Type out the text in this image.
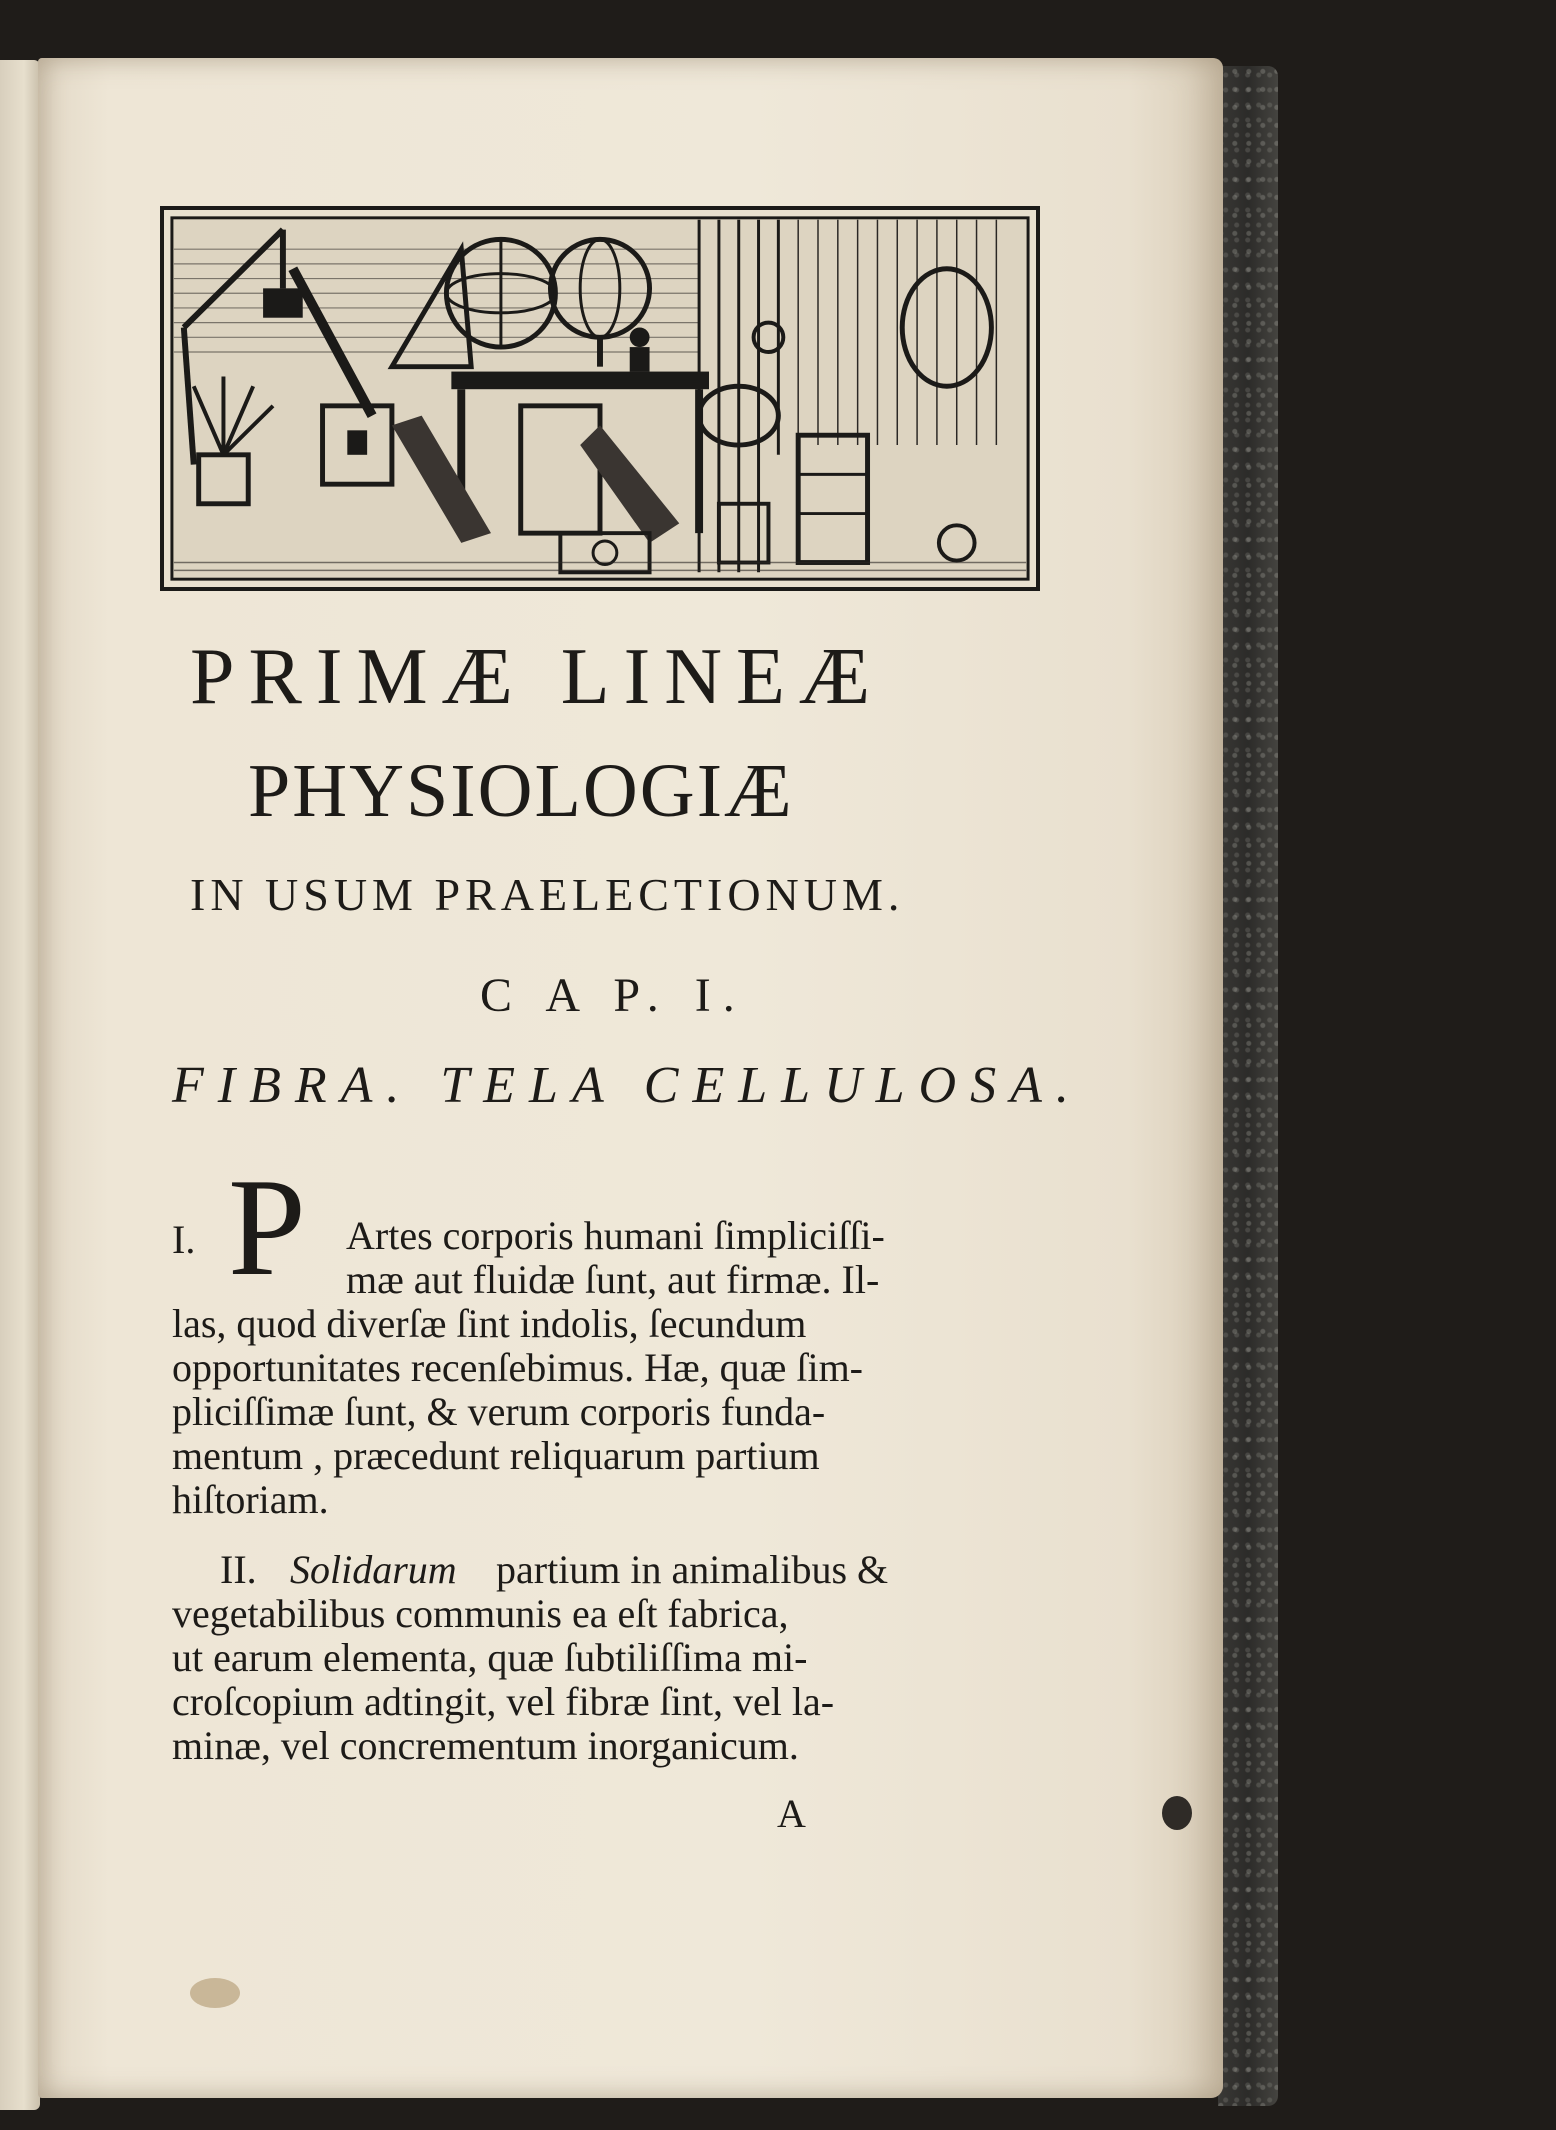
PRIMÆ LINEÆ
PHYSIOLOGIÆ
IN USUM PRAELECTIONUM.
C A P. I.
FIBRA. TELA CELLULOSA.
I. P Artes corporis humani ſimpliciſſi-
mæ aut fluidæ ſunt, aut firmæ. Il-
las, quod diverſæ ſint indolis, ſecundum
opportunitates recenſebimus. Hæ, quæ ſim-
pliciſſimæ ſunt, & verum corporis funda-
mentum , præcedunt reliquarum partium
hiſtoriam.
II. Solidarum partium in animalibus &
vegetabilibus communis ea eſt fabrica,
ut earum elementa, quæ ſubtiliſſima mi-
croſcopium adtingit, vel fibræ ſint, vel la-
minæ, vel concrementum inorganicum.
A
